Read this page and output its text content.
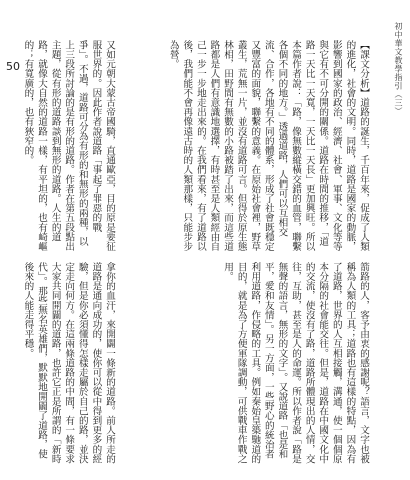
初中華文教學指引（三）
50	【課文分析】道路的誕生，千百年來，促成了人類的進化，社會的文明。同時，道路是國家的動脈，影響到國家的政治、經濟、社會、軍事、文化等等與它有不可分開的關係。道路在時間的推移，「道路一天比一天寬，一天比一天長」更加興旺。所以本篇作者說：「路，像無數縱橫交錯的血管，聯繫各個不同的地方。」透過道路，人們可以互相交流、合作，各地有不同的體系，形成了社會既穩定又豐富的面貌，聯繫的意義。在原始社會裡，野草叢生，荒無一片，並沒有道路可言。但得於原生態林相，田野間有無數的小路被踏了出來，而這些道路都是人們有意識地選擇，有時甚至是人類經由自己一步一步地走出來的。在我們看來，有了道路以後，我們能不會再像遠古時的人類那樣，只能步步為營。
箭路的人，客予由衷的感謝呢？語言，文字也被稱為人類的工具；道路也有這樣的特點，因為有了道路，世界的人互相接觸，溝通，使一個個原本分隔的社會能交往。但是，道路在中國文化中的交流，使沒有了路，道路所體現出的人情，交往，互助，甚至是人的命運。所以作者說「路是無聲的語言，無形的文字」。又說道路「也是和平，愛和友情」。另一方面，一些野心的統治者利用道路，作侵略的工具。例如秦始皇築馳道的目的，就是為了方便軍隊調動，可供戰車作戰之用。
又如元朝大蒙古帝國騎，直通歐亞，目的原是要征服世界的。因此作者說道路「事起了罪惡的戰爭」。不過，道路可分為有形的和無形的兩種，以上三段所討論的是有形的道路。作者在第五段點出主題，從有形的道路談到無形的道路。人生的道路，就像大自然的道路一樣，有平坦的，也有崎嶇的；有寬廣的，也有狹窄的。
拿你的血汗，來開闢一條新的道路。前人所走的道路是通向成功的，使你可以從中得到更多的經驗，但是你必須懂得怎樣走屬於自己的路，並決定走向何方。在這兩條道路的中間，有一條要求大家共同開闢的道路，也許它正是所謂的「新時代」。那些無名英雄們，默默地開闢了道路，使後來的人能走得平穩。
